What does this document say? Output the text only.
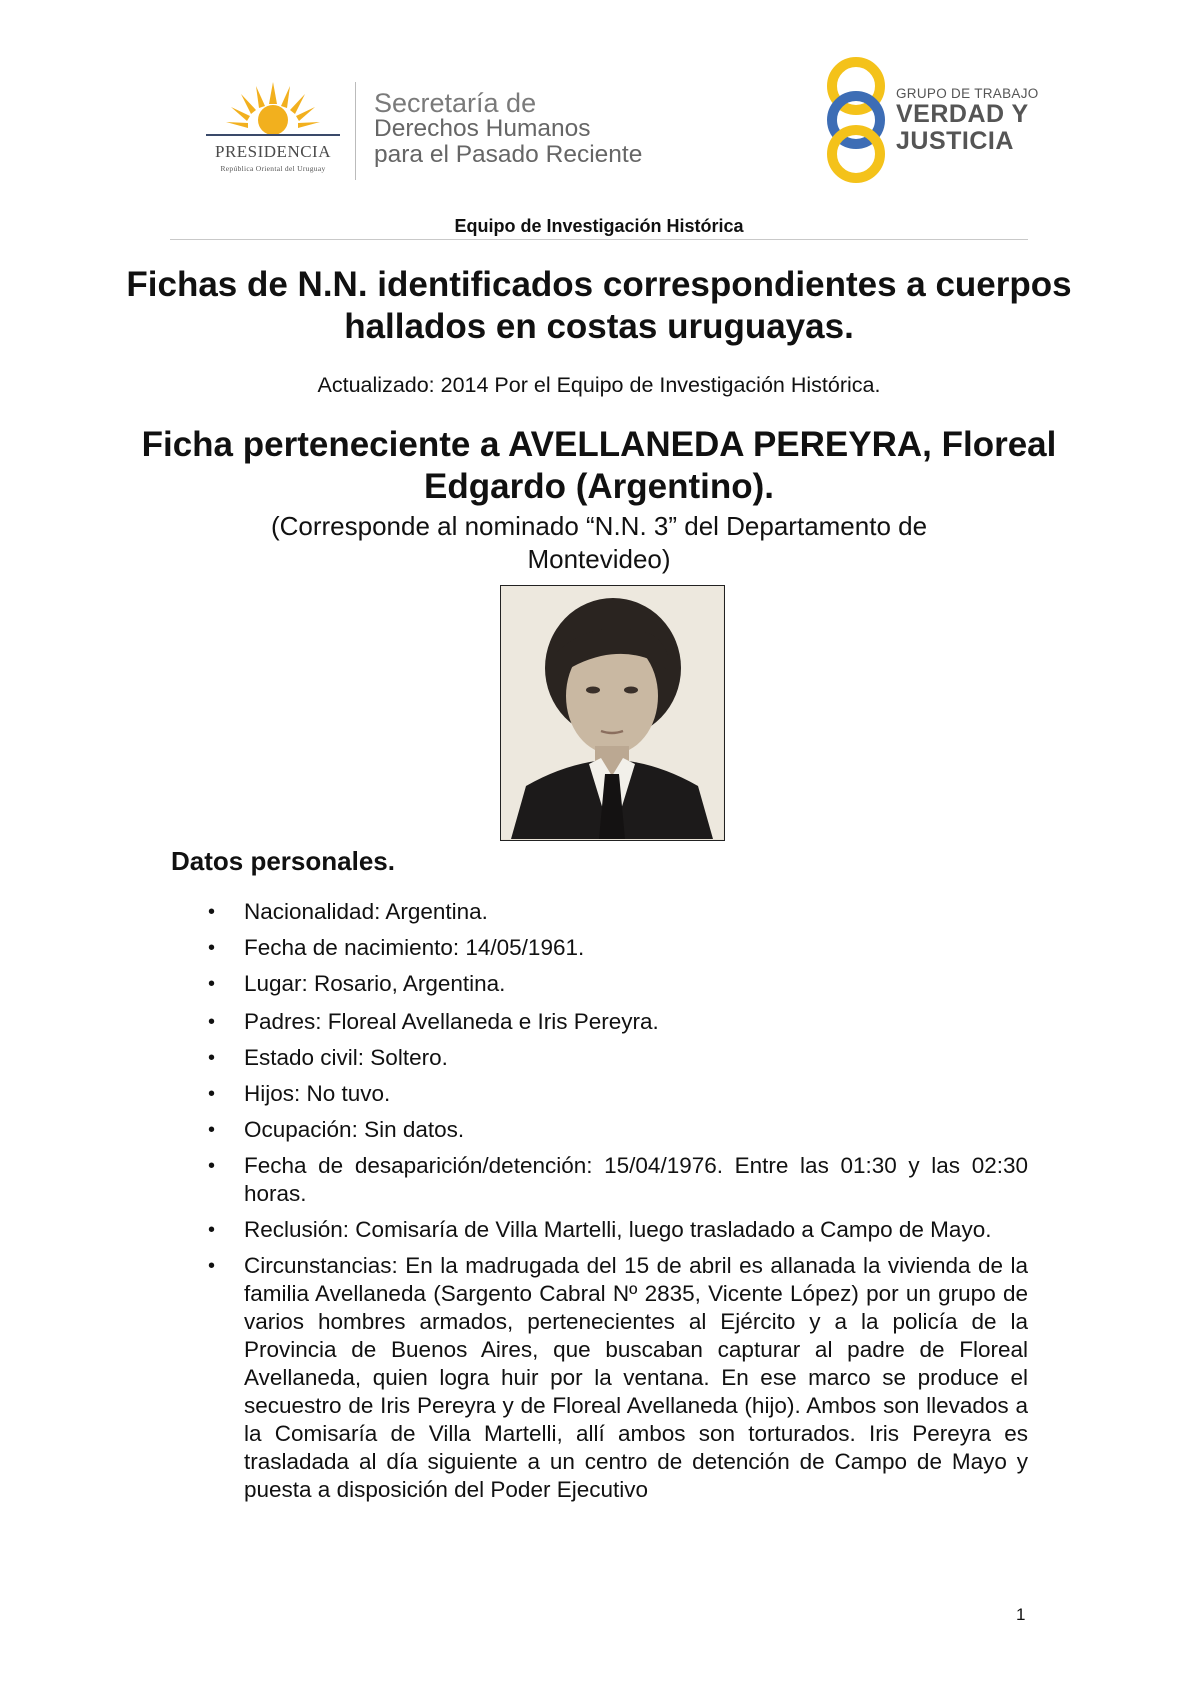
PRESIDENCIA
República Oriental del Uruguay
Secretaría de
Derechos Humanos
para el Pasado Reciente
GRUPO DE TRABAJO
VERDAD Y
JUSTICIA
Equipo de Investigación Histórica
Fichas de N.N. identificados correspondientes a cuerpos hallados en costas uruguayas.
Actualizado: 2014 Por el Equipo de Investigación Histórica.
Ficha perteneciente a AVELLANEDA PEREYRA, Floreal Edgardo (Argentino).
(Corresponde al nominado “N.N. 3” del Departamento de Montevideo)
Datos personales.
• Nacionalidad: Argentina.
• Fecha de nacimiento: 14/05/1961.
• Lugar: Rosario, Argentina.
• Padres: Floreal Avellaneda e Iris Pereyra.
• Estado civil: Soltero.
• Hijos: No tuvo.
• Ocupación: Sin datos.
• Fecha de desaparición/detención: 15/04/1976. Entre las 01:30 y las 02:30 horas.
• Reclusión: Comisaría de Villa Martelli, luego trasladado a Campo de Mayo.
• Circunstancias: En la madrugada del 15 de abril es allanada la vivienda de la familia Avellaneda (Sargento Cabral Nº 2835, Vicente López) por un grupo de varios hombres armados, pertenecientes al Ejército y a la policía de la Provincia de Buenos Aires, que buscaban capturar al padre de Floreal Avellaneda, quien logra huir por la ventana. En ese marco se produce el secuestro de Iris Pereyra y de Floreal Avellaneda (hijo). Ambos son llevados a la Comisaría de Villa Martelli, allí ambos son torturados. Iris Pereyra es trasladada al día siguiente a un centro de detención de Campo de Mayo y puesta a disposición del Poder Ejecutivo
1
